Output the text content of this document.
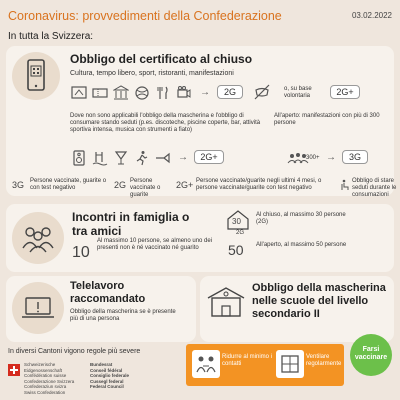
Coronavirus: provvedimenti della Confederazione	03.02.2022
In tutta la Svizzera:
Obbligo del certificato al chiuso
Cultura, tempo libero, sport, ristoranti, manifestazioni
→	2G	o, su base volontaria	2G+
Dove non sono applicabili l'obbligo della mascherina e l'obbligo di consumare stando seduti (p.es. discoteche, piscine coperte, bar, attività sportiva intensa, musica con strumenti a fiato)
All'aperto: manifestazioni con più di 300 persone
→	2G+	300+ →	3G
3G Persone vaccinate, guarite o con test negativo	2G Persone vaccinate o guarite
2G+ Persone vaccinate/guarite negli ultimi 4 mesi, o persone vaccinate/guarite con test negativo
Obbligo di stare seduti durante le consumazioni
Incontri in famiglia o tra amici
10
Al massimo 10 persone, se almeno uno dei presenti non è né vaccinato né guarito
30
2G
Al chiuso, al massimo 30 persone (2G)
50 All'aperto, al massimo 50 persone
Telelavoro raccomandato
Obbligo della mascherina se è presente più di una persona
Obbligo della mascherina nelle scuole del livello secondario II
In diversi Cantoni vigono regole più severe
Schweizerische Eidgenossenschaft
Confédération suisse
Confederazione Svizzera
Confederaziun svizra
Swiss Confederation
Bundesrat
Conseil fédéral
Consiglio federale
Cussegl federal
Federal Council
Ridurre al minimo i contatti
Ventilare regolarmente
Farsi vaccinare
